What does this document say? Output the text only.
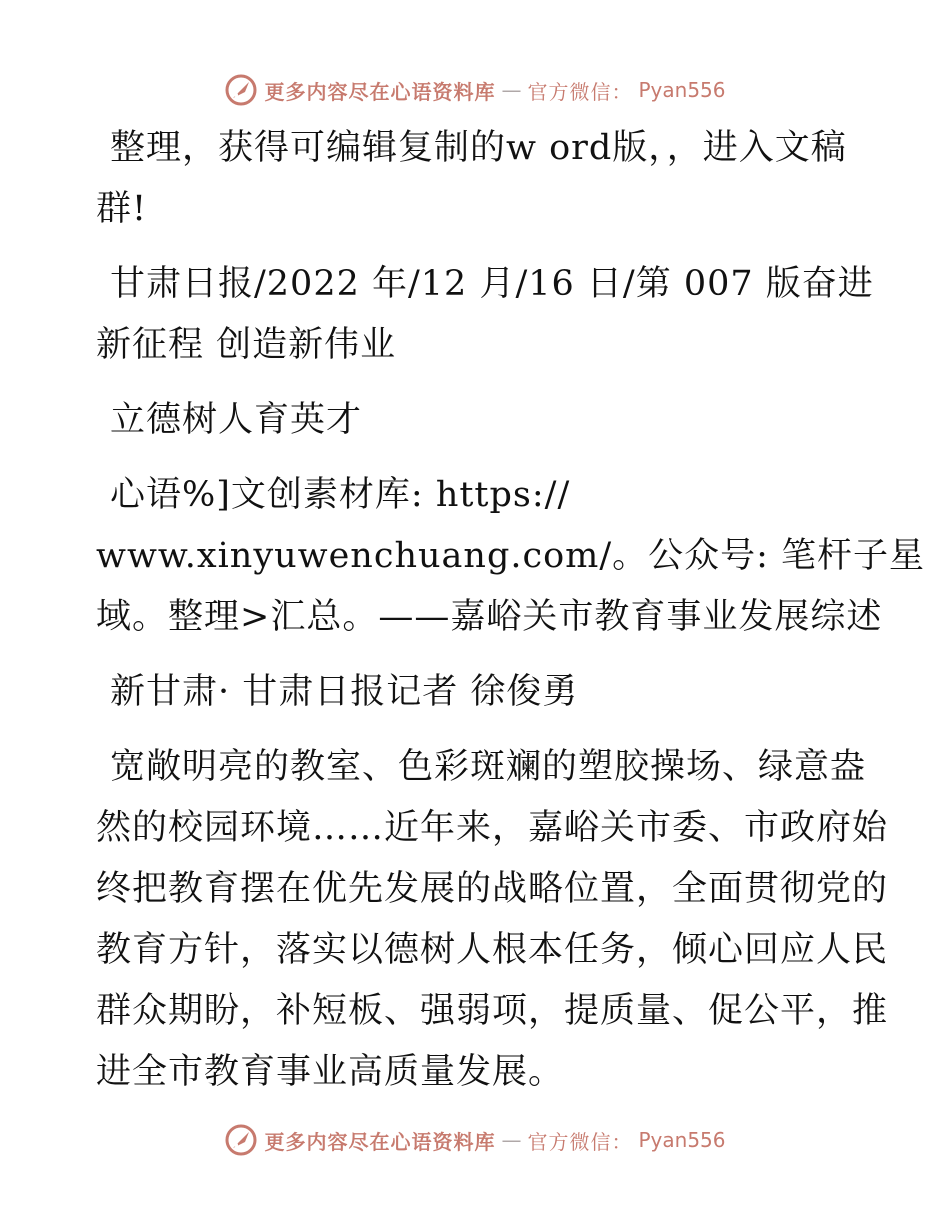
更多内容尽在心语资料库 — 官方微信： Pyan556

整理，获得可编辑复制的w ord版，，进入文稿
群!

甘肃日报/2022 年/12 月/16 日/第 007 版奋进
新征程 创造新伟业

立德树人育英才

心语%]文创素材库: https://
www.xinyuwenchuang.com/。公众号: 笔杆子星
域。整理>汇总。——嘉峪关市教育事业发展综述

新甘肃· 甘肃日报记者 徐俊勇

宽敞明亮的教室、色彩斑斓的塑胶操场、绿意盎
然的校园环境……近年来，嘉峪关市委、市政府始
终把教育摆在优先发展的战略位置，全面贯彻党的
教育方针，落实以德树人根本任务，倾心回应人民
群众期盼，补短板、强弱项，提质量、促公平，推
进全市教育事业高质量发展。

更多内容尽在心语资料库 — 官方微信： Pyan556
